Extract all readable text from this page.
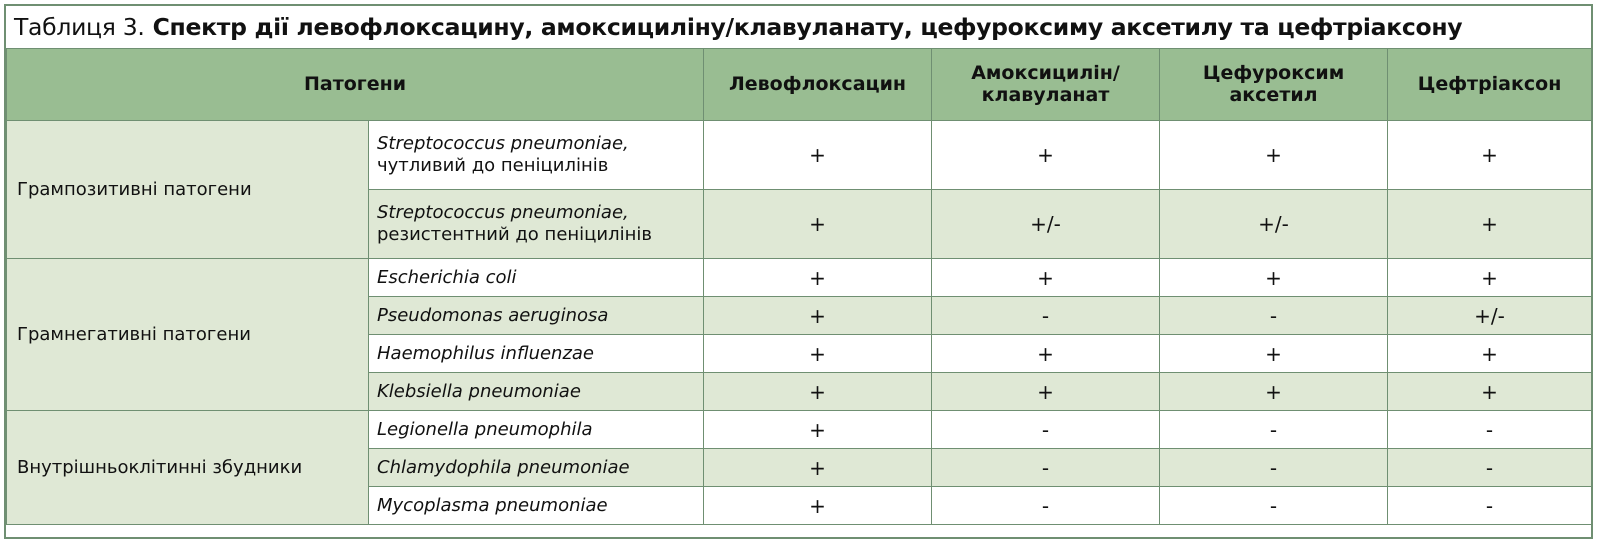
Таблиця 3. Спектр дії левофлоксацину, амоксициліну/клавуланату, цефуроксиму аксетилу та цефтріаксону
Патогени		Левофлоксацин	Амоксицилін/
клавуланат	Цефуроксим
аксетил	Цефтріаксон
Грампозитивні патогени	Streptococcus pneumoniae,
чутливий до пеніцилінів	+	+	+	+
	Streptococcus pneumoniae,
резистентний до пеніцилінів	+	+/-	+/-	+
Грамнегативні патогени	Escherichia coli	+	+	+	+
	Pseudomonas aeruginosa	+	-	-	+/-
	Haemophilus influenzae	+	+	+	+
	Klebsiella pneumoniae	+	+	+	+
Внутрішньоклітинні збудники	Legionella pneumophila	+	-	-	-
	Chlamydophila pneumoniae	+	-	-	-
	Mycoplasma pneumoniae	+	-	-	-
